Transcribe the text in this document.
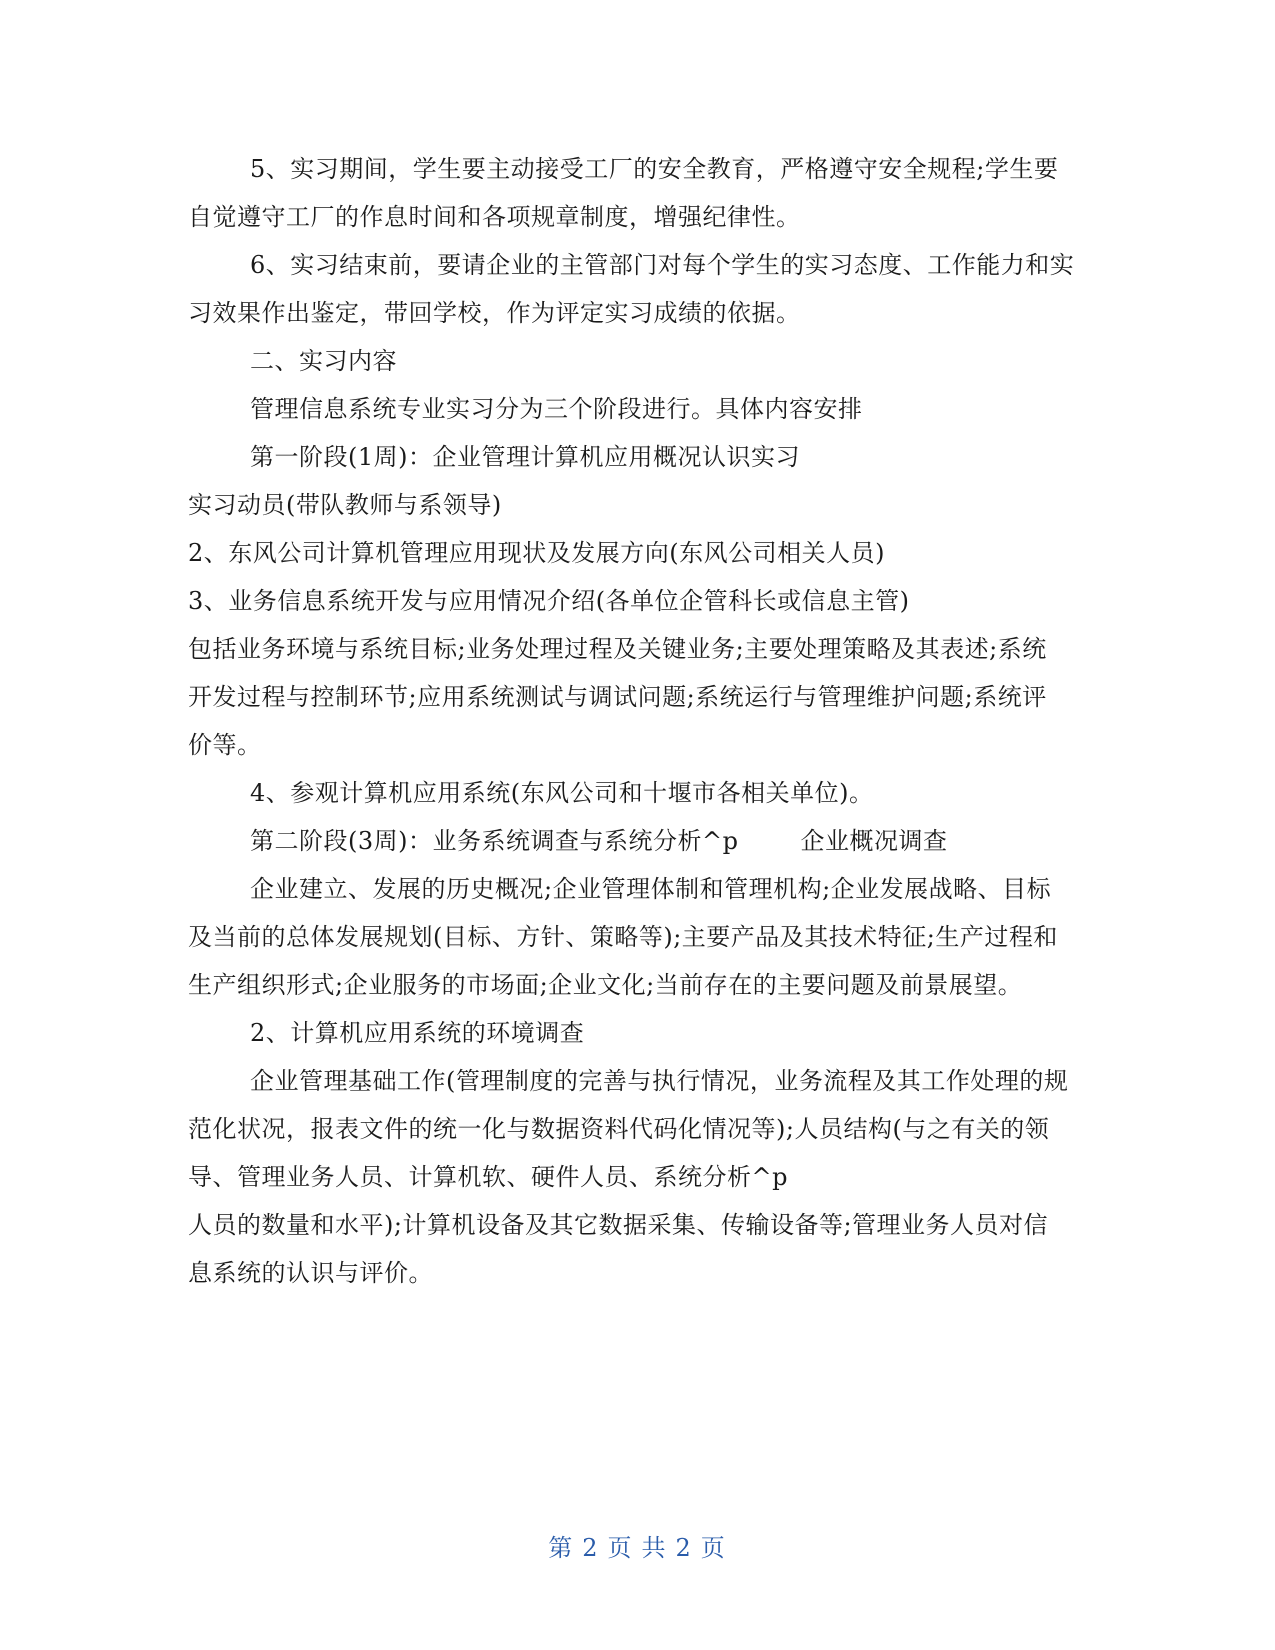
5、实习期间，学生要主动接受工厂的安全教育，严格遵守安全规程;学生要
自觉遵守工厂的作息时间和各项规章制度，增强纪律性。
6、实习结束前，要请企业的主管部门对每个学生的实习态度、工作能力和实
习效果作出鉴定，带回学校，作为评定实习成绩的依据。
二、实习内容
管理信息系统专业实习分为三个阶段进行。具体内容安排
第一阶段(1周)：企业管理计算机应用概况认识实习
实习动员(带队教师与系领导)
2、东风公司计算机管理应用现状及发展方向(东风公司相关人员)
3、业务信息系统开发与应用情况介绍(各单位企管科长或信息主管)
包括业务环境与系统目标;业务处理过程及关键业务;主要处理策略及其表述;系统
开发过程与控制环节;应用系统测试与调试问题;系统运行与管理维护问题;系统评
价等。
4、参观计算机应用系统(东风公司和十堰市各相关单位)。
第二阶段(3周)：业务系统调查与系统分析^p	企业概况调查
企业建立、发展的历史概况;企业管理体制和管理机构;企业发展战略、目标
及当前的总体发展规划(目标、方针、策略等);主要产品及其技术特征;生产过程和
生产组织形式;企业服务的市场面;企业文化;当前存在的主要问题及前景展望。
2、计算机应用系统的环境调查
企业管理基础工作(管理制度的完善与执行情况，业务流程及其工作处理的规
范化状况，报表文件的统一化与数据资料代码化情况等);人员结构(与之有关的领
导、管理业务人员、计算机软、硬件人员、系统分析^p
人员的数量和水平);计算机设备及其它数据采集、传输设备等;管理业务人员对信
息系统的认识与评价。
第 2 页 共 2 页
